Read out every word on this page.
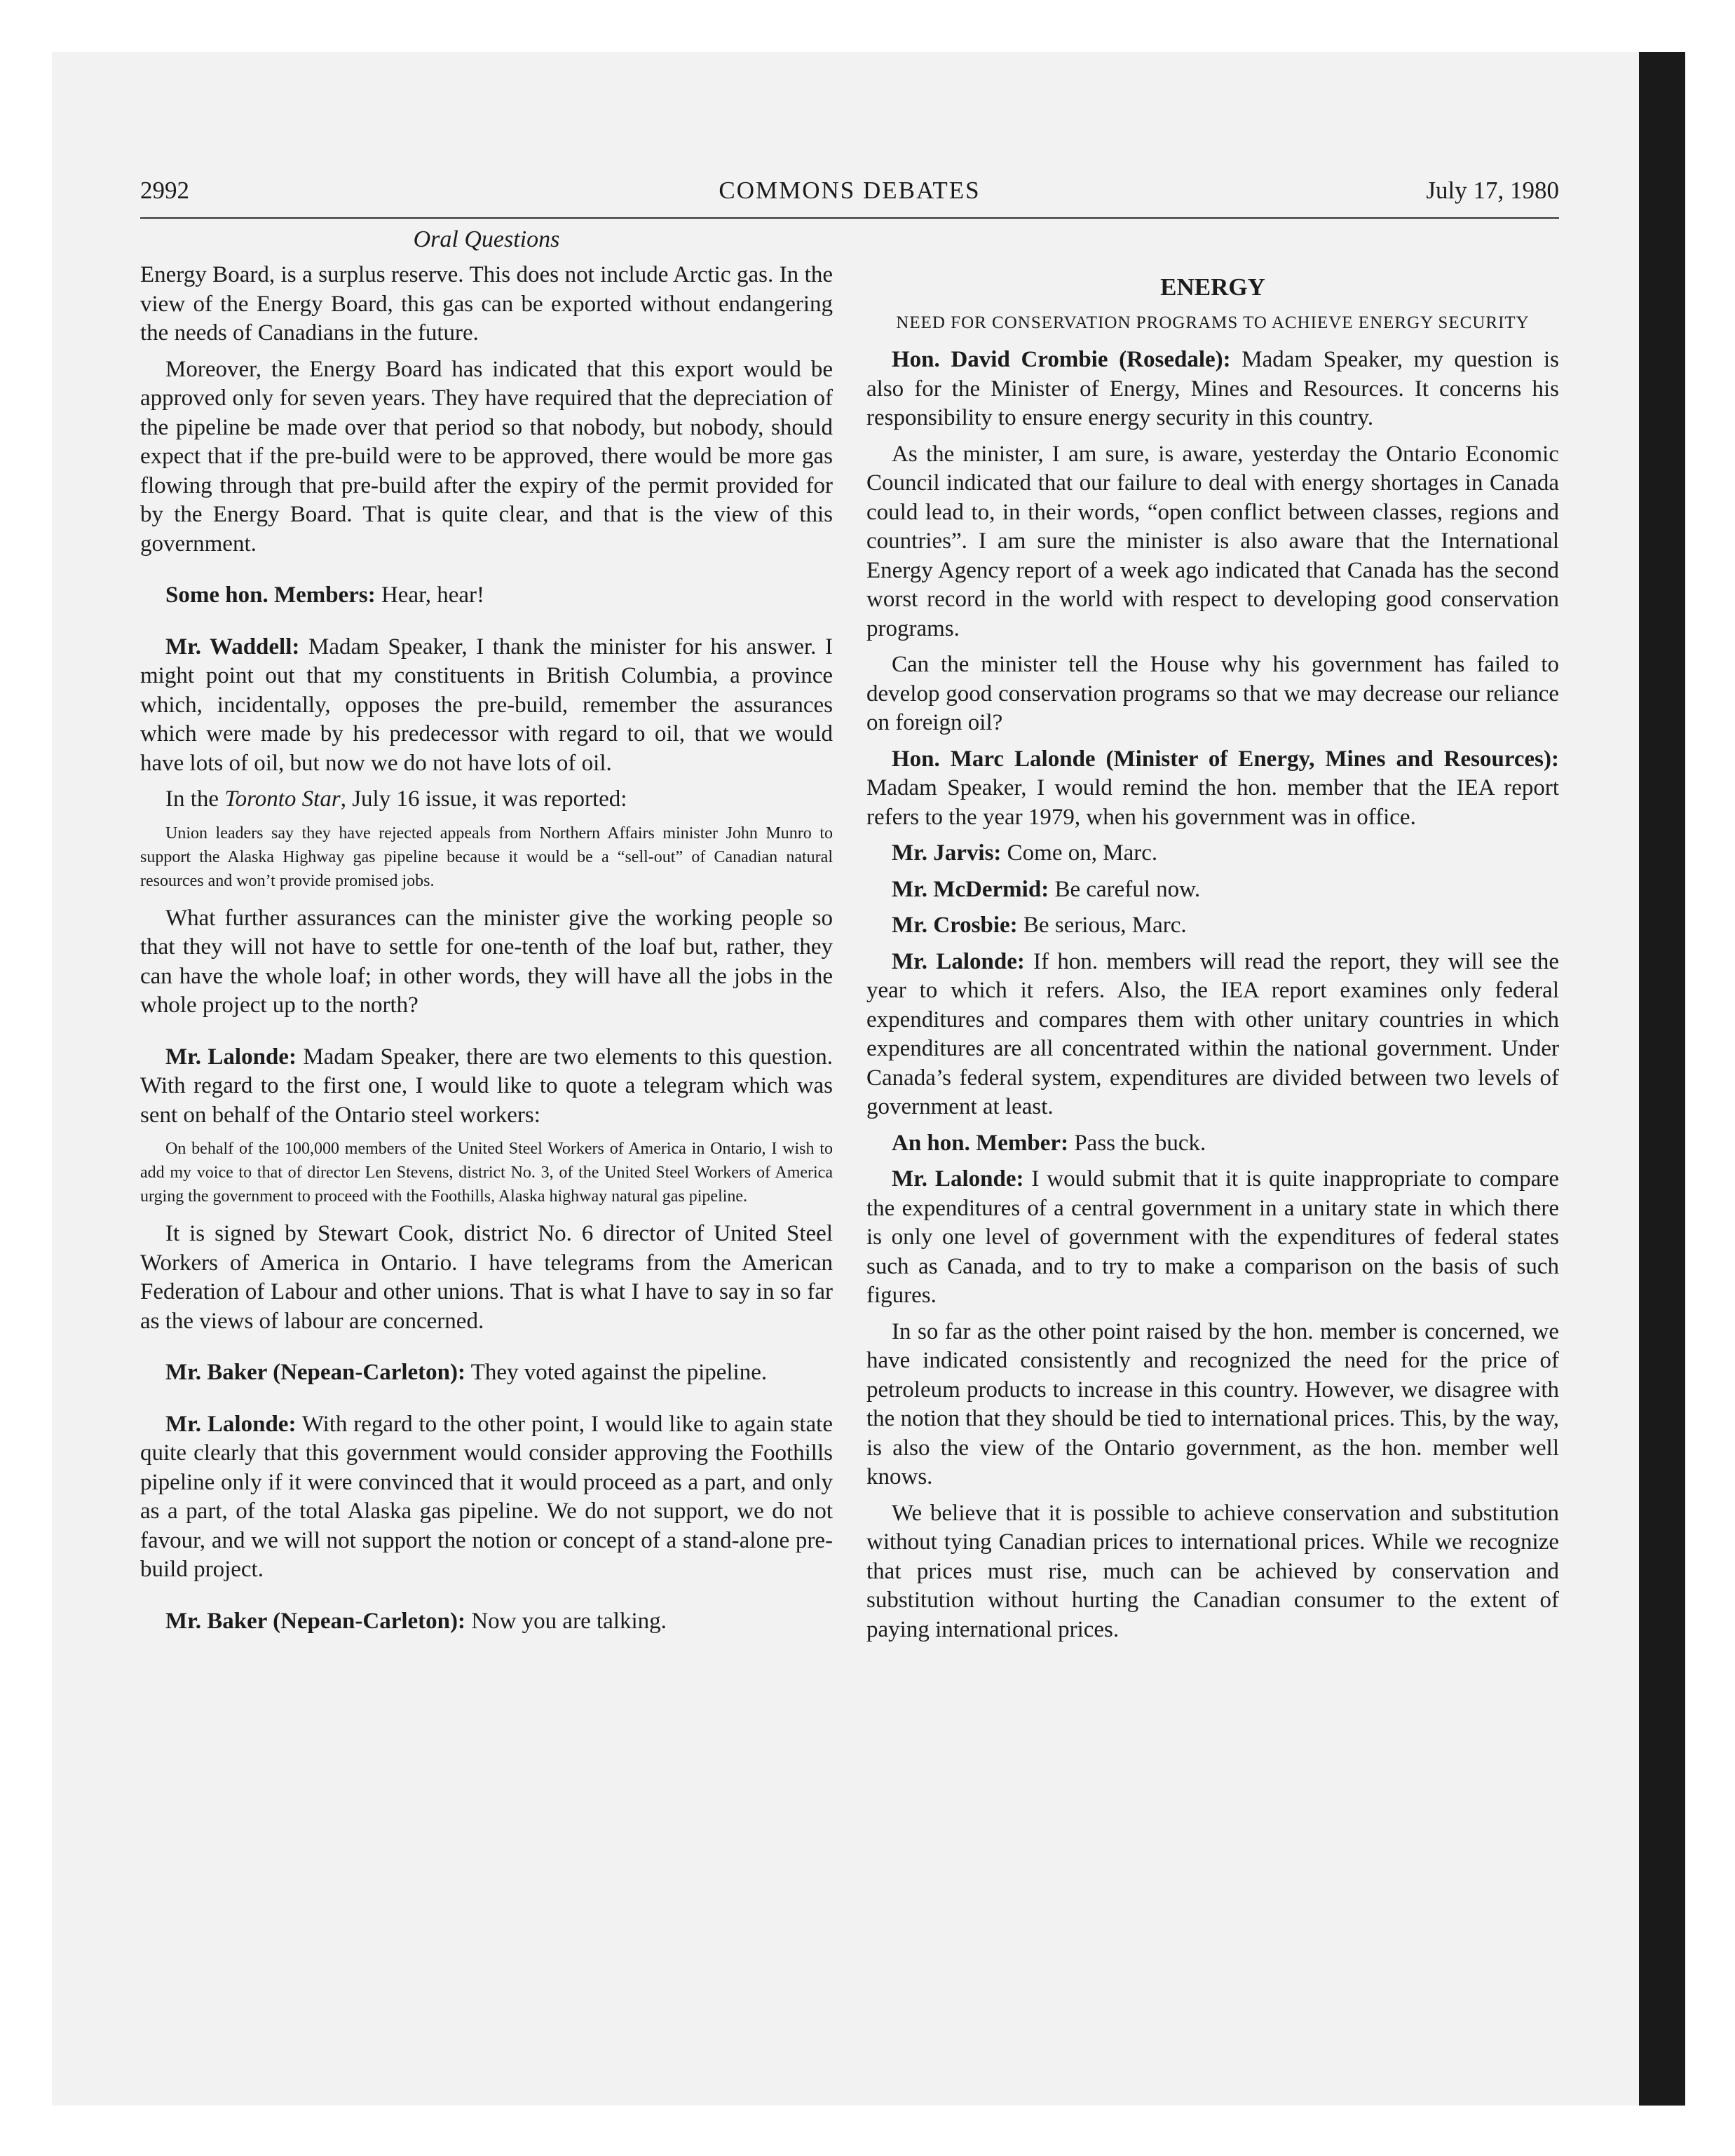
2992	COMMONS DEBATES	July 17, 1980
Oral Questions

Energy Board, is a surplus reserve. This does not include Arctic gas. In the view of the Energy Board, this gas can be exported without endangering the needs of Canadians in the future.

Moreover, the Energy Board has indicated that this export would be approved only for seven years. They have required that the depreciation of the pipeline be made over that period so that nobody, but nobody, should expect that if the pre-build were to be approved, there would be more gas flowing through that pre-build after the expiry of the permit provided for by the Energy Board. That is quite clear, and that is the view of this government.

Some hon. Members: Hear, hear!

Mr. Waddell: Madam Speaker, I thank the minister for his answer. I might point out that my constituents in British Columbia, a province which, incidentally, opposes the pre-build, remember the assurances which were made by his predecessor with regard to oil, that we would have lots of oil, but now we do not have lots of oil.

In the Toronto Star, July 16 issue, it was reported:

Union leaders say they have rejected appeals from Northern Affairs minister John Munro to support the Alaska Highway gas pipeline because it would be a “sell-out” of Canadian natural resources and won’t provide promised jobs.

What further assurances can the minister give the working people so that they will not have to settle for one-tenth of the loaf but, rather, they can have the whole loaf; in other words, they will have all the jobs in the whole project up to the north?

Mr. Lalonde: Madam Speaker, there are two elements to this question. With regard to the first one, I would like to quote a telegram which was sent on behalf of the Ontario steel workers:

On behalf of the 100,000 members of the United Steel Workers of America in Ontario, I wish to add my voice to that of director Len Stevens, district No. 3, of the United Steel Workers of America urging the government to proceed with the Foothills, Alaska highway natural gas pipeline.

It is signed by Stewart Cook, district No. 6 director of United Steel Workers of America in Ontario. I have telegrams from the American Federation of Labour and other unions. That is what I have to say in so far as the views of labour are concerned.

Mr. Baker (Nepean-Carleton): They voted against the pipeline.

Mr. Lalonde: With regard to the other point, I would like to again state quite clearly that this government would consider approving the Foothills pipeline only if it were convinced that it would proceed as a part, and only as a part, of the total Alaska gas pipeline. We do not support, we do not favour, and we will not support the notion or concept of a stand-alone pre-build project.

Mr. Baker (Nepean-Carleton): Now you are talking.

ENERGY
NEED FOR CONSERVATION PROGRAMS TO ACHIEVE ENERGY SECURITY

Hon. David Crombie (Rosedale): Madam Speaker, my question is also for the Minister of Energy, Mines and Resources. It concerns his responsibility to ensure energy security in this country.

As the minister, I am sure, is aware, yesterday the Ontario Economic Council indicated that our failure to deal with energy shortages in Canada could lead to, in their words, “open conflict between classes, regions and countries”. I am sure the minister is also aware that the International Energy Agency report of a week ago indicated that Canada has the second worst record in the world with respect to developing good conservation programs.

Can the minister tell the House why his government has failed to develop good conservation programs so that we may decrease our reliance on foreign oil?

Hon. Marc Lalonde (Minister of Energy, Mines and Resources): Madam Speaker, I would remind the hon. member that the IEA report refers to the year 1979, when his government was in office.

Mr. Jarvis: Come on, Marc.

Mr. McDermid: Be careful now.

Mr. Crosbie: Be serious, Marc.

Mr. Lalonde: If hon. members will read the report, they will see the year to which it refers. Also, the IEA report examines only federal expenditures and compares them with other unitary countries in which expenditures are all concentrated within the national government. Under Canada’s federal system, expenditures are divided between two levels of government at least.

An hon. Member: Pass the buck.

Mr. Lalonde: I would submit that it is quite inappropriate to compare the expenditures of a central government in a unitary state in which there is only one level of government with the expenditures of federal states such as Canada, and to try to make a comparison on the basis of such figures.

In so far as the other point raised by the hon. member is concerned, we have indicated consistently and recognized the need for the price of petroleum products to increase in this country. However, we disagree with the notion that they should be tied to international prices. This, by the way, is also the view of the Ontario government, as the hon. member well knows.

We believe that it is possible to achieve conservation and substitution without tying Canadian prices to international prices. While we recognize that prices must rise, much can be achieved by conservation and substitution without hurting the Canadian consumer to the extent of paying international prices.
